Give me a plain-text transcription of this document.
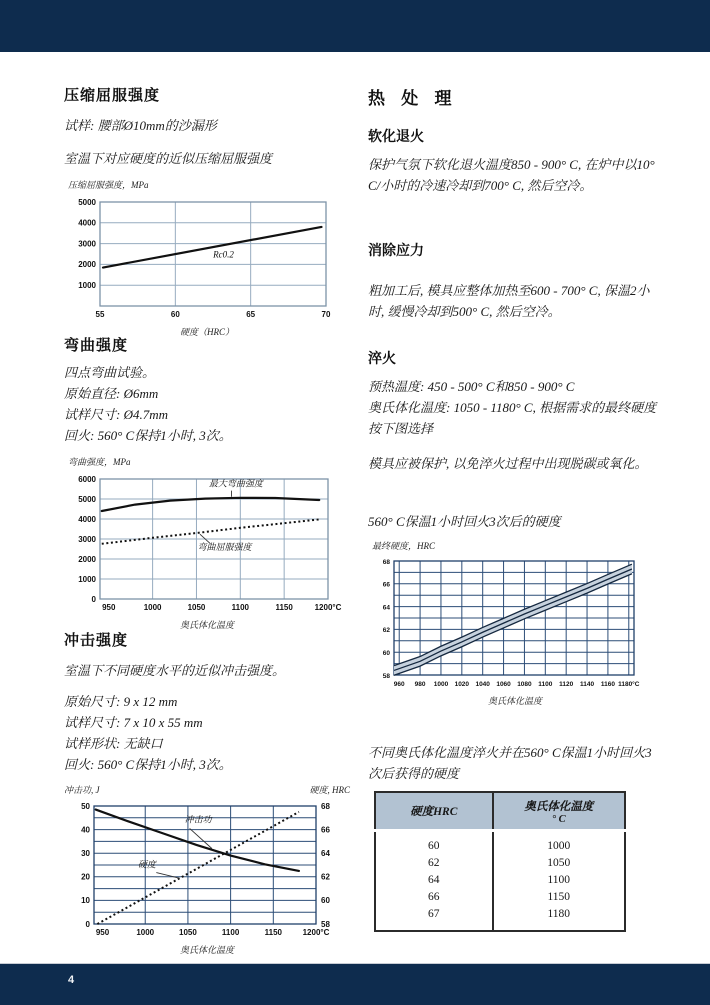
压缩屈服强度

试样: 腰部Ø10mm的沙漏形

室温下对应硬度的近似压缩屈服强度

压缩屈服强度，MPa
Rc0.2
55	60	65	70
1000
2000
3000
4000
5000
硬度（HRC）
弯曲强度
四点弯曲试验。
原始直径: Ø6mm
试样尺寸: Ø4.7mm
回火: 560° C保持1小时, 3次。
弯曲强度，MPa
最大弯曲强度
弯曲屈服强度
950	1000	1050	1100	1150	1200°C
0
1000
2000
3000
4000
5000
6000
奥氏体化温度
冲击强度

室温下不同硬度水平的近似冲击强度。

原始尺寸: 9 x 12 mm
试样尺寸: 7 x 10 x 55 mm
试样形状: 无缺口
回火: 560° C保持1小时, 3次。
冲击功, J	硬度, HRC
冲击功
硬度
950	1000	1050	1100	1150	1200°C
0
10
20
30
40
50
58
60
62
64
66
68
奥氏体化温度
热 处 理
软化退火

保护气氛下软化退火温度850 - 900° C, 在炉中以10° C/小时的冷速冷却到700° C, 然后空冷。

消除应力

粗加工后, 模具应整体加热至600 - 700° C, 保温2小时, 缓慢冷却到500° C, 然后空冷。

淬火
预热温度: 450 - 500° C和850 - 900° C

奥氏体化温度: 1050 - 1180° C, 根据需求的最终硬度按下图选择

模具应被保护, 以免淬火过程中出现脱碳或氧化。

560° C保温1小时回火3次后的硬度

最终硬度，HRC
960 980 1000 1020 1040 1060 1080 1100 1120 1140 1160 1180°C
58
60
62
64
66
68
奥氏体化温度

不同奥氏体化温度淬火并在560° C保温1小时回火3次后获得的硬度

硬度HRC	奥氏体化温度
° C

60	1000
62	1050
64	1100
66	1150
67	1180
4
